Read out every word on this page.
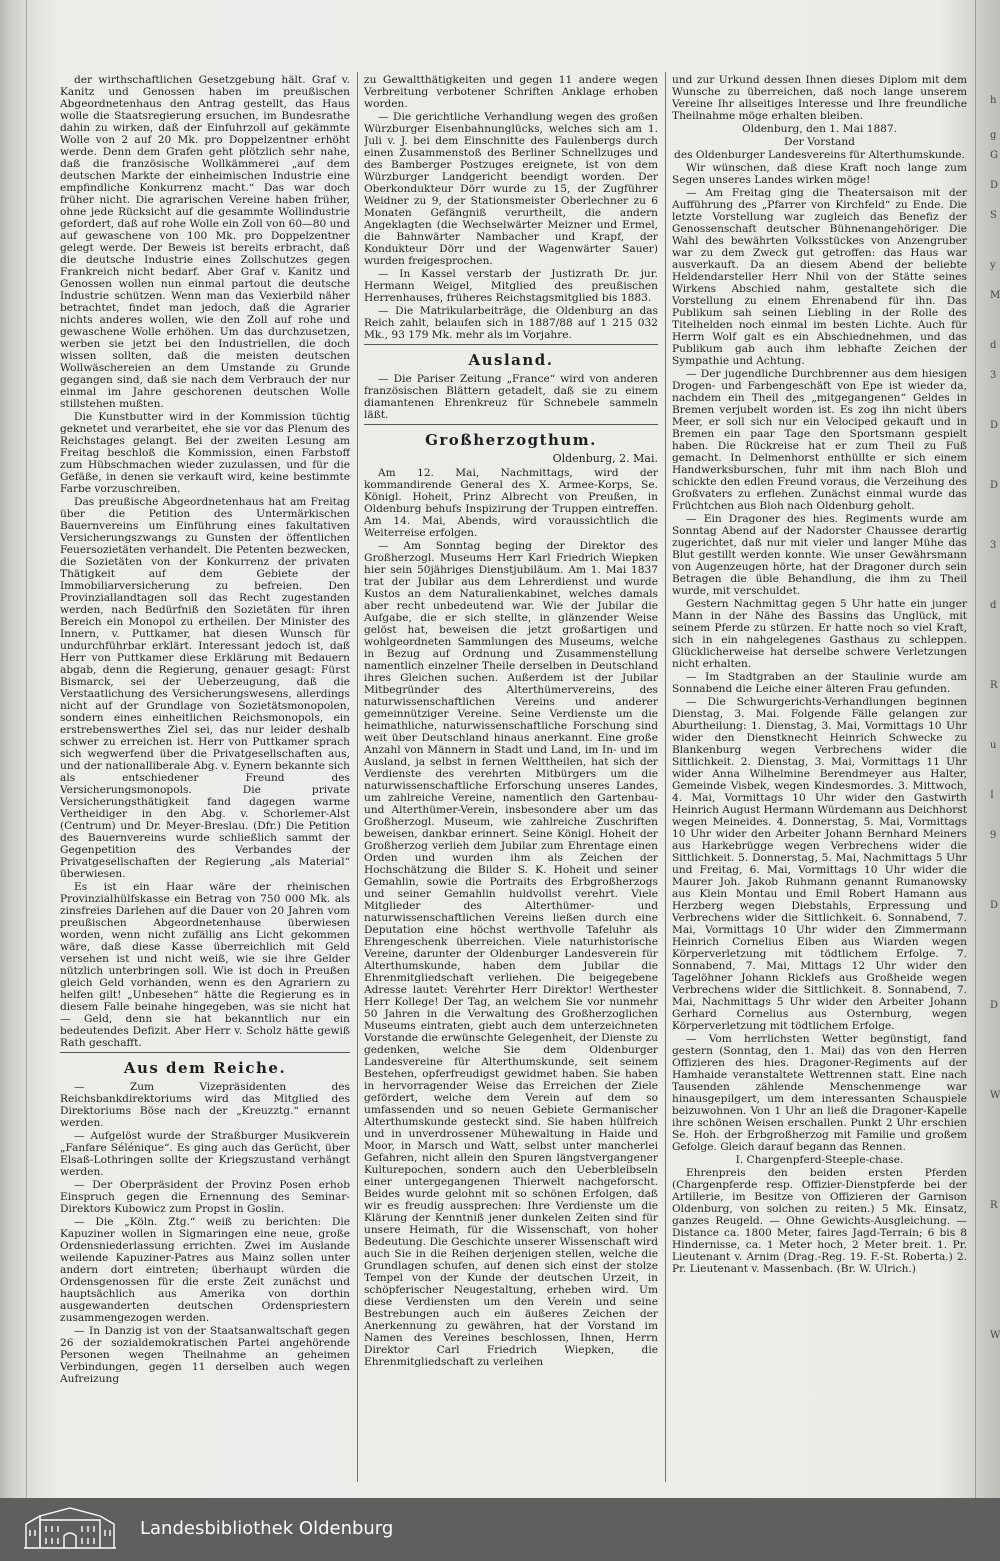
h
g
G
D
S
y
M
d
3
D
D
3
d
R
u
I
9
D
D
W
R
W

der wirthschaftlichen Gesetzgebung hält. Graf v. Kanitz und Genossen haben im preußischen Abgeordnetenhaus den Antrag gestellt, das Haus wolle die Staatsregierung ersuchen, im Bundesrathe dahin zu wirken, daß der Einfuhrzoll auf gekämmte Wolle von 2 auf 20 Mk. pro Doppelzentner erhöht werde. Denn dem Grafen geht plötzlich sehr nahe, daß die französische Wollkämmerei „auf dem deutschen Markte der einheimischen Industrie eine empfindliche Konkurrenz macht.“ Das war doch früher nicht. Die agrarischen Vereine haben früher, ohne jede Rücksicht auf die gesammte Wollindustrie gefordert, daß auf rohe Wolle ein Zoll von 60—80 und auf gewaschene von 100 Mk. pro Doppelzentner gelegt werde. Der Beweis ist bereits erbracht, daß die deutsche Industrie eines Zollschutzes gegen Frankreich nicht bedarf. Aber Graf v. Kanitz und Genossen wollen nun einmal partout die deutsche Industrie schützen. Wenn man das Vexierbild näher betrachtet, findet man jedoch, daß die Agrarier nichts anderes wollen, wie den Zoll auf rohe und gewaschene Wolle erhöhen. Um das durchzusetzen, werben sie jetzt bei den Industriellen, die doch wissen sollten, daß die meisten deutschen Wollwäschereien an dem Umstande zu Grunde gegangen sind, daß sie nach dem Verbrauch der nur einmal im Jahre geschorenen deutschen Wolle stillstehen mußten.

Die Kunstbutter wird in der Kommission tüchtig geknetet und verarbeitet, ehe sie vor das Plenum des Reichstages gelangt. Bei der zweiten Lesung am Freitag beschloß die Kommission, einen Farbstoff zum Hübschmachen wieder zuzulassen, und für die Gefäße, in denen sie verkauft wird, keine bestimmte Farbe vorzuschreiben.

Das preußische Abgeordnetenhaus hat am Freitag über die Petition des Untermärkischen Bauernvereins um Einführung eines fakultativen Versicherungszwangs zu Gunsten der öffentlichen Feuersozietäten verhandelt. Die Petenten bezwecken, die Sozietäten von der Konkurrenz der privaten Thätigkeit auf dem Gebiete der Immobiliarversicherung zu befreien. Den Provinziallandtagen soll das Recht zugestanden werden, nach Bedürfniß den Sozietäten für ihren Bereich ein Monopol zu ertheilen. Der Minister des Innern, v. Puttkamer, hat diesen Wunsch für undurchführbar erklärt. Interessant jedoch ist, daß Herr von Puttkamer diese Erklärung mit Bedauern abgab, denn die Regierung, genauer gesagt: Fürst Bismarck, sei der Ueberzeugung, daß die Verstaatlichung des Versicherungswesens, allerdings nicht auf der Grundlage von Sozietätsmonopolen, sondern eines einheitlichen Reichsmonopols, ein erstrebenswerthes Ziel sei, das nur leider deshalb schwer zu erreichen ist. Herr von Puttkamer sprach sich wegwerfend über die Privatgesellschaften aus, und der nationalliberale Abg. v. Eynern bekannte sich als entschiedener Freund des Versicherungsmonopols. Die private Versicherungsthätigkeit fand dagegen warme Vertheidiger in den Abg. v. Schorlemer-Alst (Centrum) und Dr. Meyer-Breslau. (Dfr.) Die Petition des Bauernvereins wurde schließlich sammt der Gegenpetition des Verbandes der Privatgesellschaften der Regierung „als Material“ überwiesen.

Es ist ein Haar wäre der rheinischen Provinzialhülfskasse ein Betrag von 750 000 Mk. als zinsfreies Darlehen auf die Dauer von 20 Jahren vom preußischen Abgeordnetenhause überwiesen worden, wenn nicht zufällig ans Licht gekommen wäre, daß diese Kasse überreichlich mit Geld versehen ist und nicht weiß, wie sie ihre Gelder nützlich unterbringen soll. Wie ist doch in Preußen gleich Geld vorhanden, wenn es den Agrariern zu helfen gilt! „Unbesehen“ hätte die Regierung es in diesem Falle beinahe hingegeben, was sie nicht hat — Geld, denn sie hat bekanntlich nur ein bedeutendes Defizit. Aber Herr v. Scholz hätte gewiß Rath geschafft.

Aus dem Reiche.

— Zum Vizepräsidenten des Reichsbankdirektoriums wird das Mitglied des Direktoriums Böse nach der „Kreuzztg.“ ernannt werden.

— Aufgelöst wurde der Straßburger Musikverein „Fanfare Sélénique“. Es ging auch das Gerücht, über Elsaß-Lothringen sollte der Kriegszustand verhängt werden.

— Der Oberpräsident der Provinz Posen erhob Einspruch gegen die Ernennung des Seminar-Direktors Kubowicz zum Propst in Goslin.

— Die „Köln. Ztg.“ weiß zu berichten: Die Kapuziner wollen in Sigmaringen eine neue, große Ordensniederlassung errichten. Zwei im Auslande weilende Kapuziner-Patres aus Mainz sollen unter andern dort eintreten; überhaupt würden die Ordensgenossen für die erste Zeit zunächst und hauptsächlich aus Amerika von dorthin ausgewanderten deutschen Ordenspriestern zusammengezogen werden.

— In Danzig ist von der Staatsanwaltschaft gegen 26 der sozialdemokratischen Partei angehörende Personen wegen Theilnahme an geheimen Verbindungen, gegen 11 derselben auch wegen Aufreizung

zu Gewaltthätigkeiten und gegen 11 andere wegen Verbreitung verbotener Schriften Anklage erhoben worden.

— Die gerichtliche Verhandlung wegen des großen Würzburger Eisenbahnunglücks, welches sich am 1. Juli v. J. bei dem Einschnitte des Faulenbergs durch einen Zusammenstoß des Berliner Schnellzuges und des Bamberger Postzuges ereignete, ist von dem Würzburger Landgericht beendigt worden. Der Oberkondukteur Dörr wurde zu 15, der Zugführer Weidner zu 9, der Stationsmeister Oberlechner zu 6 Monaten Gefängniß verurtheilt, die andern Angeklagten (die Wechselwärter Meizner und Ermel, die Bahnwärter Nambacher und Krapf, der Kondukteur Dörr und der Wagenwärter Sauer) wurden freigesprochen.

— In Kassel verstarb der Justizrath Dr. jur. Hermann Weigel, Mitglied des preußischen Herrenhauses, früheres Reichstagsmitglied bis 1883.

— Die Matrikularbeiträge, die Oldenburg an das Reich zahlt, belaufen sich in 1887/88 auf 1 215 032 Mk., 93 179 Mk. mehr als im Vorjahre.

Ausland.

— Die Pariser Zeitung „France“ wird von anderen französischen Blättern getadelt, daß sie zu einem diamantenen Ehrenkreuz für Schnebele sammeln läßt.

Großherzogthum.
Oldenburg, 2. Mai.

Am 12. Mai, Nachmittags, wird der kommandirende General des X. Armee-Korps, Se. Königl. Hoheit, Prinz Albrecht von Preußen, in Oldenburg behufs Inspizirung der Truppen eintreffen. Am 14. Mai, Abends, wird voraussichtlich die Weiterreise erfolgen.

— Am Sonntag beging der Direktor des Großherzogl. Museums Herr Karl Friedrich Wiepken hier sein 50jähriges Dienstjubiläum. Am 1. Mai 1837 trat der Jubilar aus dem Lehrerdienst und wurde Kustos an dem Naturalienkabinet, welches damals aber recht unbedeutend war. Wie der Jubilar die Aufgabe, die er sich stellte, in glänzender Weise gelöst hat, beweisen die jetzt großartigen und wohlgeordneten Sammlungen des Museums, welche in Bezug auf Ordnung und Zusammenstellung namentlich einzelner Theile derselben in Deutschland ihres Gleichen suchen. Außerdem ist der Jubilar Mitbegründer des Alterthümervereins, des naturwissenschaftlichen Vereins und anderer gemeinnütziger Vereine. Seine Verdienste um die heimathliche, naturwissenschaftliche Forschung sind weit über Deutschland hinaus anerkannt. Eine große Anzahl von Männern in Stadt und Land, im In- und im Ausland, ja selbst in fernen Welttheilen, hat sich der Verdienste des verehrten Mitbürgers um die naturwissenschaftliche Erforschung unseres Landes, um zahlreiche Vereine, namentlich den Gartenbau- und Alterthümer-Verein, insbesondere aber um das Großherzogl. Museum, wie zahlreiche Zuschriften beweisen, dankbar erinnert. Seine Königl. Hoheit der Großherzog verlieh dem Jubilar zum Ehrentage einen Orden und wurden ihm als Zeichen der Hochschätzung die Bilder S. K. Hoheit und seiner Gemahlin, sowie die Portraits des Erbgroßherzogs und seiner Gemahlin huldvollst verehrt. Viele Mitglieder des Alterthümer- und naturwissenschaftlichen Vereins ließen durch eine Deputation eine höchst werthvolle Tafeluhr als Ehrengeschenk überreichen. Viele naturhistorische Vereine, darunter der Oldenburger Landesverein für Alterthumskunde, haben dem Jubilar die Ehrenmitgliedschaft verliehen. Die beigegebene Adresse lautet: Verehrter Herr Direktor! Werthester Herr Kollege! Der Tag, an welchem Sie vor nunmehr 50 Jahren in die Verwaltung des Großherzoglichen Museums eintraten, giebt auch dem unterzeichneten Vorstande die erwünschte Gelegenheit, der Dienste zu gedenken, welche Sie dem Oldenburger Landesvereine für Alterthumskunde, seit seinem Bestehen, opferfreudigst gewidmet haben. Sie haben in hervorragender Weise das Erreichen der Ziele gefördert, welche dem Verein auf dem so umfassenden und so neuen Gebiete Germanischer Alterthumskunde gesteckt sind. Sie haben hülfreich und in unverdrossener Mühewaltung in Haide und Moor, in Marsch und Watt, selbst unter mancherlei Gefahren, nicht allein den Spuren längstvergangener Kulturepochen, sondern auch den Ueberbleibseln einer untergegangenen Thierwelt nachgeforscht. Beides wurde gelohnt mit so schönen Erfolgen, daß wir es freudig aussprechen: Ihre Verdienste um die Klärung der Kenntniß jener dunkelen Zeiten sind für unsere Heimath, für die Wissenschaft, von hoher Bedeutung. Die Geschichte unserer Wissenschaft wird auch Sie in die Reihen derjenigen stellen, welche die Grundlagen schufen, auf denen sich einst der stolze Tempel von der Kunde der deutschen Urzeit, in schöpferischer Neugestaltung, erheben wird. Um diese Verdiensten um den Verein und seine Bestrebungen auch ein äußeres Zeichen der Anerkennung zu gewähren, hat der Vorstand im Namen des Vereines beschlossen, Ihnen, Herrn Direktor Carl Friedrich Wiepken, die Ehrenmitgliedschaft zu verleihen

und zur Urkund dessen Ihnen dieses Diplom mit dem Wunsche zu überreichen, daß noch lange unserem Vereine Ihr allseitiges Interesse und Ihre freundliche Theilnahme möge erhalten bleiben.

Oldenburg, den 1. Mai 1887.

Der Vorstand

des Oldenburger Landesvereins für Alterthumskunde.

Wir wünschen, daß diese Kraft noch lange zum Segen unseres Landes wirken möge!

— Am Freitag ging die Theatersaison mit der Aufführung des „Pfarrer von Kirchfeld“ zu Ende. Die letzte Vorstellung war zugleich das Benefiz der Genossenschaft deutscher Bühnenangehöriger. Die Wahl des bewährten Volksstückes von Anzengruber war zu dem Zweck gut getroffen: das Haus war ausverkauft. Da an diesem Abend der beliebte Heldendarsteller Herr Nhil von der Stätte seines Wirkens Abschied nahm, gestaltete sich die Vorstellung zu einem Ehrenabend für ihn. Das Publikum sah seinen Liebling in der Rolle des Titelhelden noch einmal im besten Lichte. Auch für Herrn Wolf galt es ein Abschiednehmen, und das Publikum gab auch ihm lebhafte Zeichen der Sympathie und Achtung.

— Der jugendliche Durchbrenner aus dem hiesigen Drogen- und Farbengeschäft von Epe ist wieder da, nachdem ein Theil des „mitgegangenen“ Geldes in Bremen verjubelt worden ist. Es zog ihn nicht übers Meer, er soll sich nur ein Velociped gekauft und in Bremen ein paar Tage den Sportsmann gespielt haben. Die Rückreise hat er zum Theil zu Fuß gemacht. In Delmenhorst enthüllte er sich einem Handwerksburschen, fuhr mit ihm nach Bloh und schickte den edlen Freund voraus, die Verzeihung des Großvaters zu erflehen. Zunächst einmal wurde das Früchtchen aus Bloh nach Oldenburg geholt.

— Ein Dragoner des hies. Regiments wurde am Sonntag Abend auf der Nadorster Chaussee derartig zugerichtet, daß nur mit vieler und langer Mühe das Blut gestillt werden konnte. Wie unser Gewährsmann von Augenzeugen hörte, hat der Dragoner durch sein Betragen die üble Behandlung, die ihm zu Theil wurde, mit verschuldet.

Gestern Nachmittag gegen 5 Uhr hatte ein junger Mann in der Nähe des Bassins das Unglück, mit seinem Pferde zu stürzen. Er hatte noch so viel Kraft, sich in ein nahgelegenes Gasthaus zu schleppen. Glücklicherweise hat derselbe schwere Verletzungen nicht erhalten.

— Im Stadtgraben an der Staulinie wurde am Sonnabend die Leiche einer älteren Frau gefunden.

— Die Schwurgerichts-Verhandlungen beginnen Dienstag, 3. Mai. Folgende Fälle gelangen zur Aburtheilung: 1. Dienstag, 3. Mai, Vormittags 10 Uhr wider den Dienstknecht Heinrich Schwecke zu Blankenburg wegen Verbrechens wider die Sittlichkeit. 2. Dienstag, 3. Mai, Vormittags 11 Uhr wider Anna Wilhelmine Berendmeyer aus Halter, Gemeinde Visbek, wegen Kindesmordes. 3. Mittwoch, 4. Mai, Vormittags 10 Uhr wider den Gastwirth Heinrich August Hermann Würdemann aus Deichhorst wegen Meineides. 4. Donnerstag, 5. Mai, Vormittags 10 Uhr wider den Arbeiter Johann Bernhard Meiners aus Harkebrügge wegen Verbrechens wider die Sittlichkeit. 5. Donnerstag, 5. Mai, Nachmittags 5 Uhr und Freitag, 6. Mai, Vormittags 10 Uhr wider die Maurer Joh. Jakob Ruhmann genannt Rumanowsky aus Klein Montau und Emil Robert Hamann aus Herzberg wegen Diebstahls, Erpressung und Verbrechens wider die Sittlichkeit. 6. Sonnabend, 7. Mai, Vormittags 10 Uhr wider den Zimmermann Heinrich Cornelius Eiben aus Wiarden wegen Körperverletzung mit tödtlichem Erfolge. 7. Sonnabend, 7. Mai, Mittags 12 Uhr wider den Tagelöhner Johann Ricklefs aus Großheide wegen Verbrechens wider die Sittlichkeit. 8. Sonnabend, 7. Mai, Nachmittags 5 Uhr wider den Arbeiter Johann Gerhard Cornelius aus Osternburg, wegen Körperverletzung mit tödtlichem Erfolge.

— Vom herrlichsten Wetter begünstigt, fand gestern (Sonntag, den 1. Mai) das von den Herren Offizieren des hies. Dragoner-Regiments auf der Hamhaide veranstaltete Wettrennen statt. Eine nach Tausenden zählende Menschenmenge war hinausgepilgert, um dem interessanten Schauspiele beizuwohnen. Von 1 Uhr an ließ die Dragoner-Kapelle ihre schönen Weisen erschallen. Punkt 2 Uhr erschien Se. Hoh. der Erbgroßherzog mit Familie und großem Gefolge. Gleich darauf begann das Rennen.

I. Chargenpferd-Steeple-chase.

Ehrenpreis den beiden ersten Pferden (Chargenpferde resp. Offizier-Dienstpferde bei der Artillerie, im Besitze von Offizieren der Garnison Oldenburg, von solchen zu reiten.) 5 Mk. Einsatz, ganzes Reugeld. — Ohne Gewichts-Ausgleichung. — Distance ca. 1800 Meter, faires Jagd-Terrain; 6 bis 8 Hindernisse, ca. 1 Meter hoch, 2 Meter breit. 1. Pr. Lieutenant v. Arnim (Drag.-Reg. 19. F.-St. Roberta.) 2. Pr. Lieutenant v. Massenbach. (Br. W. Ulrich.)

Landesbibliothek Oldenburg
